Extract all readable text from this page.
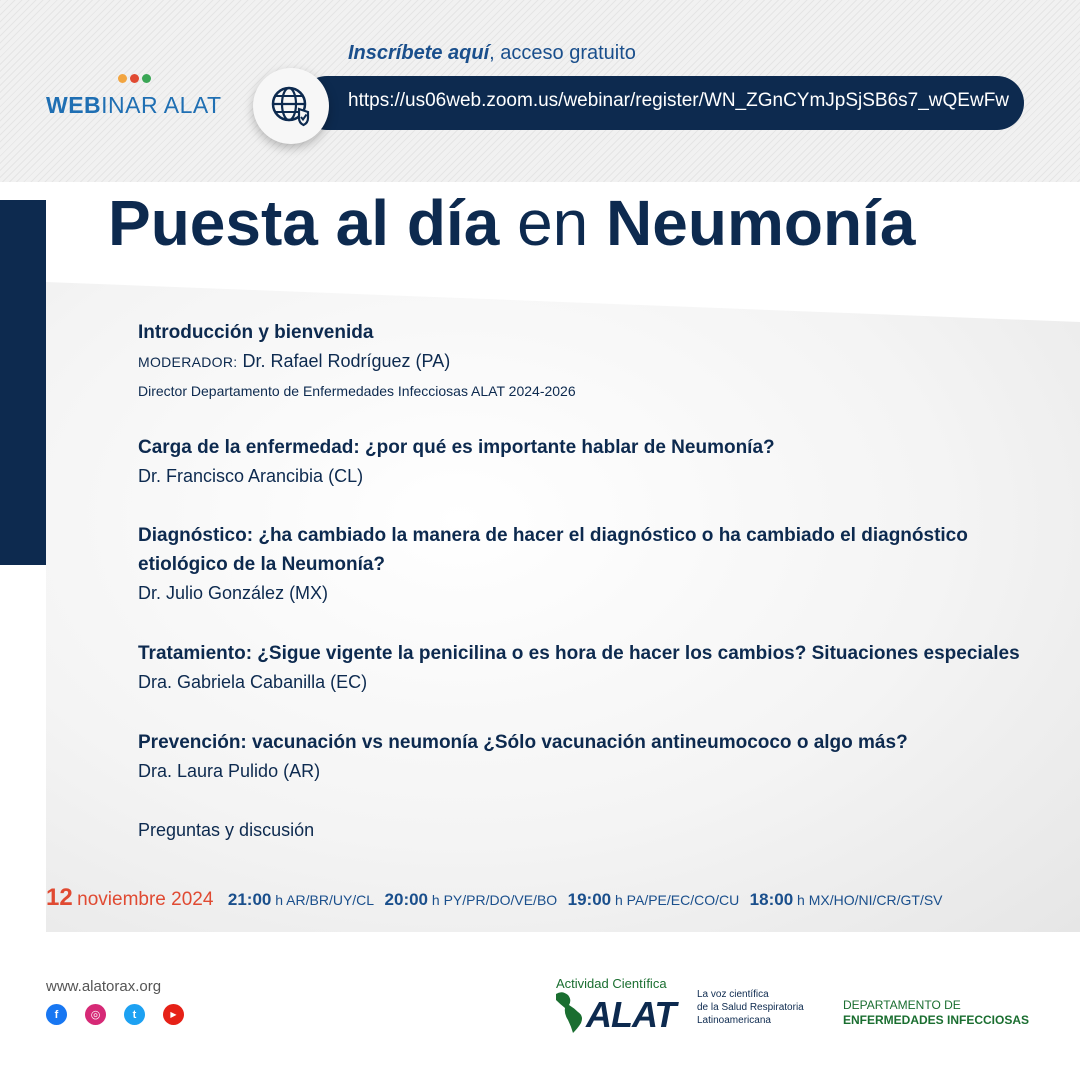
WEBINAR ALAT
Inscríbete aquí, acceso gratuito
https://us06web.zoom.us/webinar/register/WN_ZGnCYmJpSjSB6s7_wQEwFw
Puesta al día en Neumonía
Introducción y bienvenida
MODERADOR: Dr. Rafael Rodríguez (PA)
Director Departamento de Enfermedades Infecciosas ALAT 2024-2026
Carga de la enfermedad: ¿por qué es importante hablar de Neumonía?
Dr. Francisco Arancibia (CL)
Diagnóstico: ¿ha cambiado la manera de hacer el diagnóstico o ha cambiado el diagnóstico etiológico de la Neumonía?
Dr. Julio González (MX)
Tratamiento: ¿Sigue vigente la penicilina o es hora de hacer los cambios? Situaciones especiales
Dra. Gabriela Cabanilla (EC)
Prevención: vacunación vs neumonía ¿Sólo vacunación antineumococo o algo más?
Dra. Laura Pulido (AR)
Preguntas y discusión
12 noviembre 2024 21:00 h AR/BR/UY/CL 20:00 h PY/PR/DO/VE/BO 19:00 h PA/PE/EC/CO/CU 18:00 h MX/HO/NI/CR/GT/SV
www.alatorax.org
f	◎	t	▶
Actividad Científica
ALAT La voz científica
de la Salud Respiratoria
Latinoamericana
DEPARTAMENTO DE
ENFERMEDADES INFECCIOSAS
